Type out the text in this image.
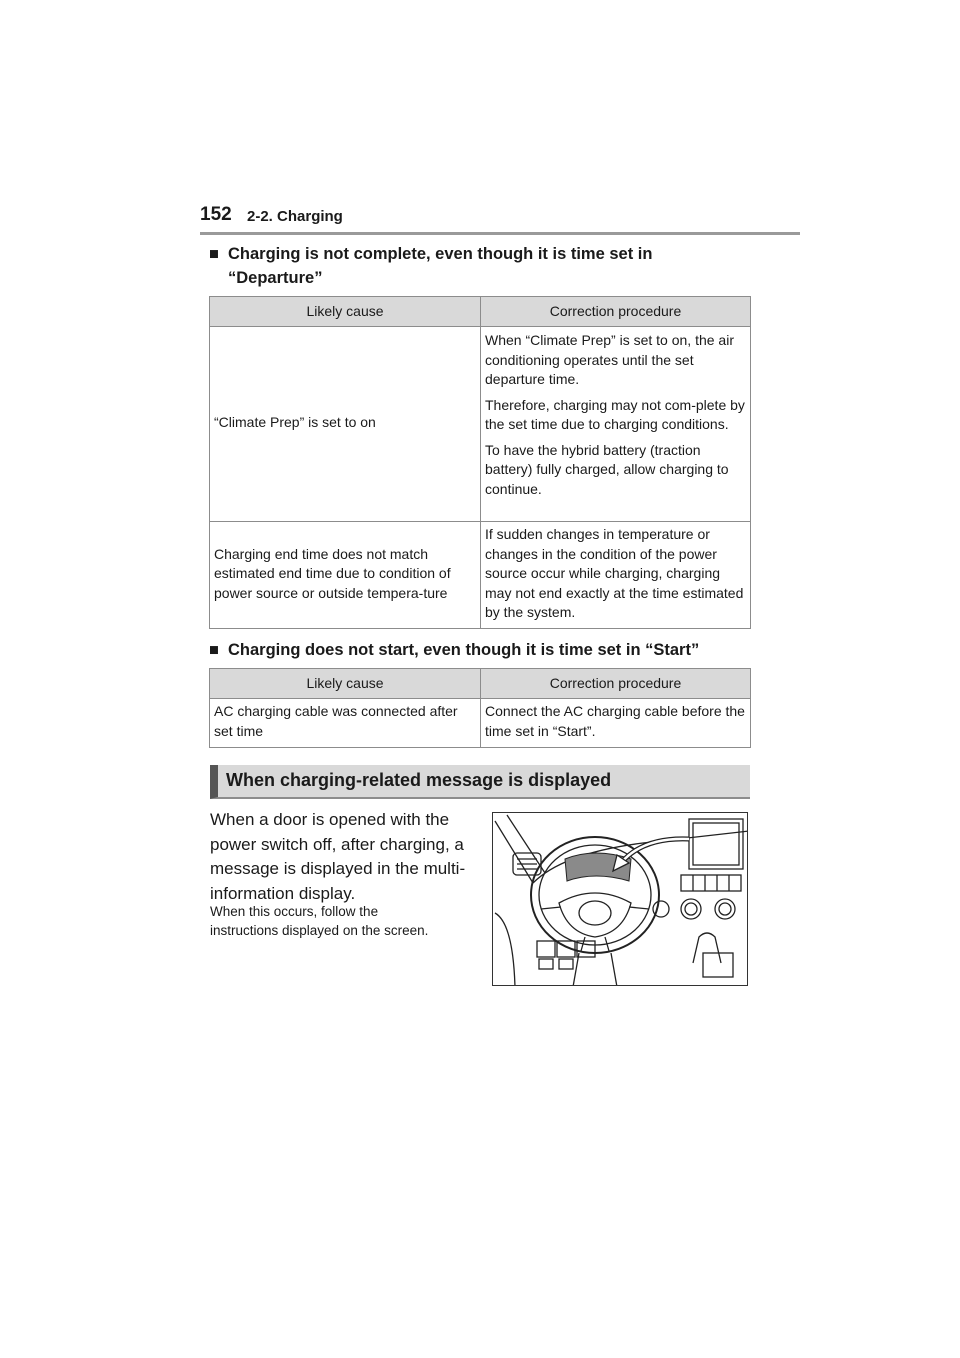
152 2-2. Charging
■ Charging is not complete, even though it is time set in
“Departure”
Likely cause	Correction procedure
“Climate Prep” is set to on	When “Climate Prep” is set to on, the air conditioning operates until the set departure time.

Therefore, charging may not com-plete by the set time due to charging conditions.

To have the hybrid battery (traction battery) fully charged, allow charging to continue.

Charging end time does not match estimated end time due to condition of power source or outside tempera-ture	If sudden changes in temperature or changes in the condition of the power source occur while charging, charging may not end exactly at the time estimated by the system.
■ Charging does not start, even though it is time set in “Start”
Likely cause	Correction procedure
AC charging cable was connected after set time	Connect the AC charging cable before the time set in “Start”.
When charging-related message is displayed
When a door is opened with the power switch off, after charging, a message is displayed in the multi-information display.
When this occurs, follow the instructions displayed on the screen.
